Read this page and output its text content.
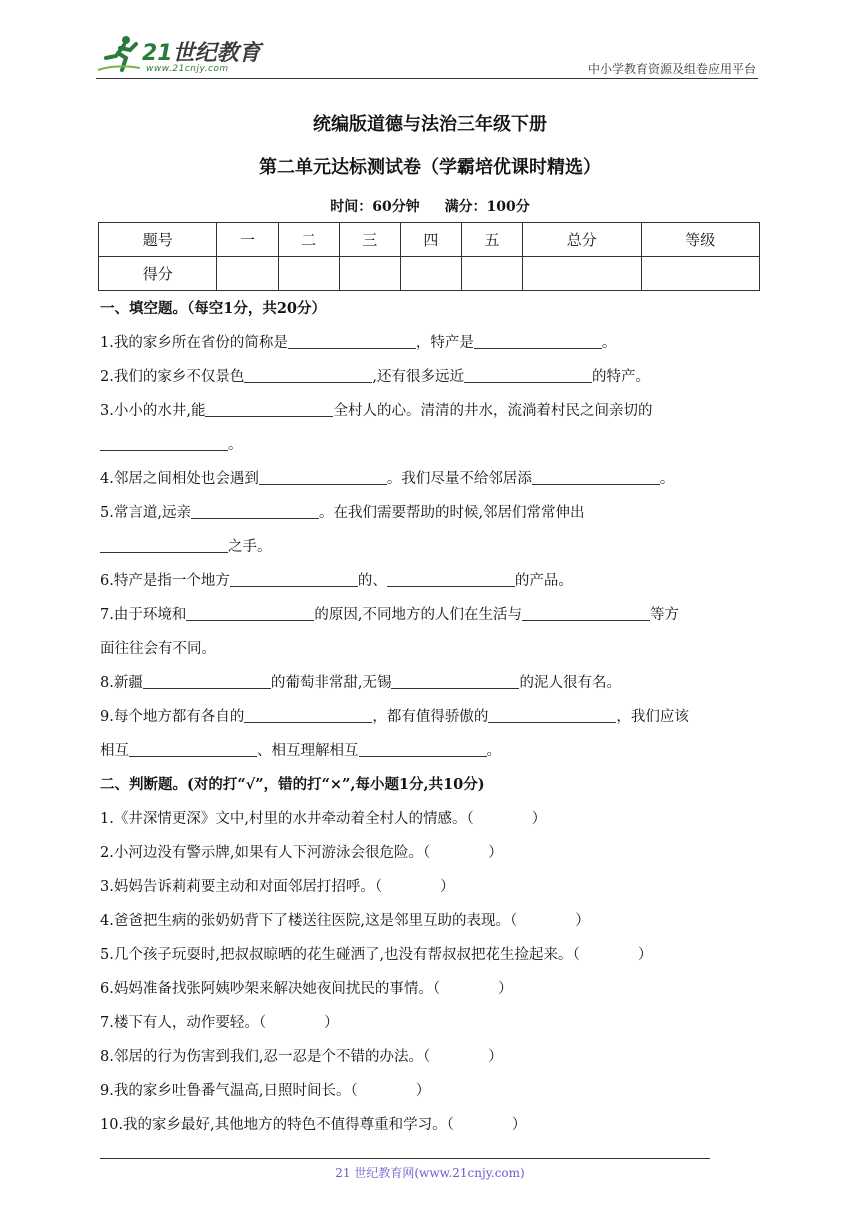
21世纪教育
www.21cnjy.com	中小学教育资源及组卷应用平台
统编版道德与法治三年级下册
第二单元达标测试卷（学霸培优课时精选）
时间：60分钟 满分：100分
题号	一	二	三	四	五	总分	等级
得分							
一、填空题。（每空1分，共20分）
1.我的家乡所在省份的简称是	，特产是	。
2.我们的家乡不仅景色	,还有很多远近	的特产。
3.小小的水井,能	全村人的心。清清的井水，流淌着村民之间亲切的
。
4.邻居之间相处也会遇到	。我们尽量不给邻居添	。
5.常言道,远亲	。在我们需要帮助的时候,邻居们常常伸出
之手。
6.特产是指一个地方	的、	的产品。
7.由于环境和	的原因,不同地方的人们在生活与	等方
面往往会有不同。
8.新疆	的葡萄非常甜,无锡	的泥人很有名。
9.每个地方都有各自的	，都有值得骄傲的	，我们应该
相互	、相互理解相互	。
二、判断题。(对的打“√”，错的打“×”,每小题1分,共10分)
1.《井深情更深》文中,村里的水井牵动着全村人的情感。（	）
2.小河边没有警示牌,如果有人下河游泳会很危险。（	）
3.妈妈告诉莉莉要主动和对面邻居打招呼。（	）
4.爸爸把生病的张奶奶背下了楼送往医院,这是邻里互助的表现。（	）
5.几个孩子玩耍时,把叔叔晾晒的花生碰洒了,也没有帮叔叔把花生捡起来。（	）
6.妈妈准备找张阿姨吵架来解决她夜间扰民的事情。（	）
7.楼下有人，动作要轻。（	）
8.邻居的行为伤害到我们,忍一忍是个不错的办法。（	）
9.我的家乡吐鲁番气温高,日照时间长。（	）
10.我的家乡最好,其他地方的特色不值得尊重和学习。（	）
21 世纪教育网(www.21cnjy.com)
